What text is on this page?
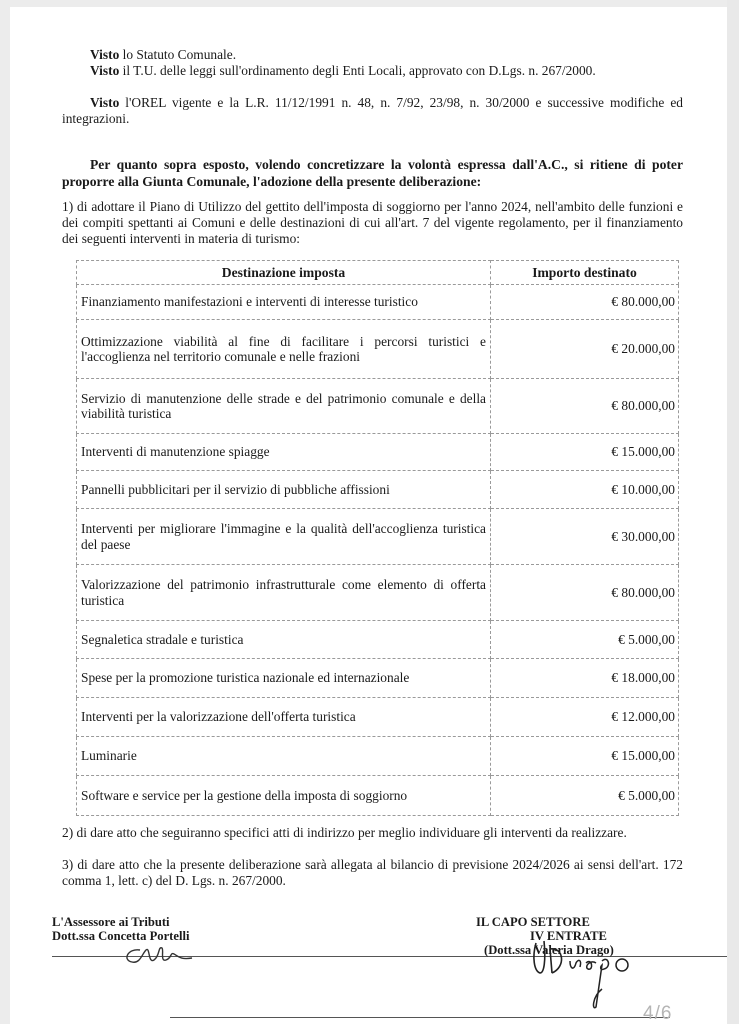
Visto lo Statuto Comunale.
Visto il T.U. delle leggi sull'ordinamento degli Enti Locali, approvato con D.Lgs. n. 267/2000.
Visto l'OREL vigente e la L.R. 11/12/1991 n. 48, n. 7/92, 23/98, n. 30/2000 e successive modifiche ed integrazioni.
Per quanto sopra esposto, volendo concretizzare la volontà espressa dall'A.C., si ritiene di poter proporre alla Giunta Comunale, l'adozione della presente deliberazione:
1) di adottare il Piano di Utilizzo del gettito dell'imposta di soggiorno per l'anno 2024, nell'ambito delle funzioni e dei compiti spettanti ai Comuni e delle destinazioni di cui all'art. 7 del vigente regolamento, per il finanziamento dei seguenti interventi in materia di turismo:
Destinazione imposta	Importo destinato
Finanziamento manifestazioni e interventi di interesse turistico	€ 80.000,00
Ottimizzazione viabilità al fine di facilitare i percorsi turistici e l'accoglienza nel territorio comunale e nelle frazioni	€ 20.000,00
Servizio di manutenzione delle strade e del patrimonio comunale e della viabilità turistica	€ 80.000,00
Interventi di manutenzione spiagge	€ 15.000,00
Pannelli pubblicitari per il servizio di pubbliche affissioni	€ 10.000,00
Interventi per migliorare l'immagine e la qualità dell'accoglienza turistica del paese	€ 30.000,00
Valorizzazione del patrimonio infrastrutturale come elemento di offerta turistica	€ 80.000,00
Segnaletica stradale e turistica	€ 5.000,00
Spese per la promozione turistica nazionale ed internazionale	€ 18.000,00
Interventi per la valorizzazione dell'offerta turistica	€ 12.000,00
Luminarie	€ 15.000,00
Software e service per la gestione della imposta di soggiorno	€ 5.000,00
2) di dare atto che seguiranno specifici atti di indirizzo per meglio individuare gli interventi da realizzare.
3) di dare atto che la presente deliberazione sarà allegata al bilancio di previsione 2024/2026 ai sensi dell'art. 172 comma 1, lett. c) del D. Lgs. n. 267/2000.
L'Assessore ai Tributi
Dott.ssa Concetta Portelli
IL CAPO SETTORE
IV ENTRATE
(Dott.ssa Valeria Drago)
4/6
